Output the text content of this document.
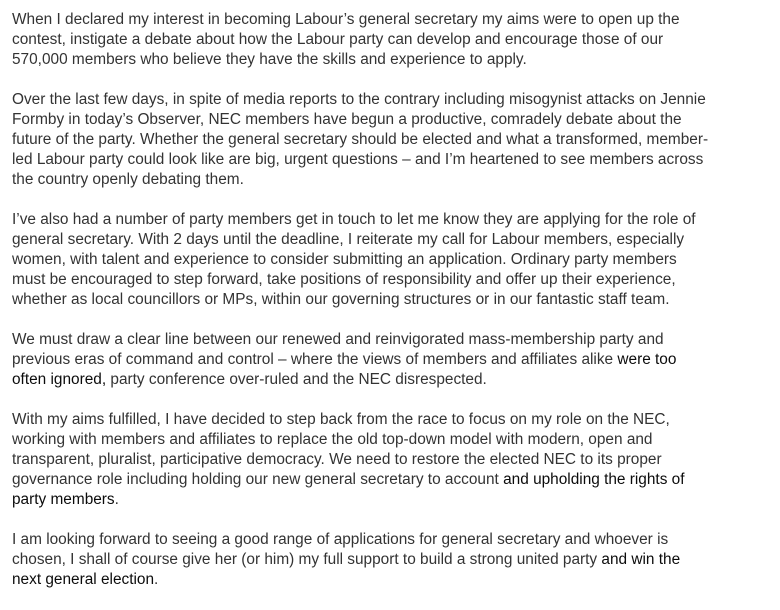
When I declared my interest in becoming Labour’s general secretary my aims were to open up the
contest, instigate a debate about how the Labour party can develop and encourage those of our
570,000 members who believe they have the skills and experience to apply.

Over the last few days, in spite of media reports to the contrary including misogynist attacks on Jennie
Formby in today’s Observer, NEC members have begun a productive, comradely debate about the
future of the party. Whether the general secretary should be elected and what a transformed, member-
led Labour party could look like are big, urgent questions – and I’m heartened to see members across
the country openly debating them.

I’ve also had a number of party members get in touch to let me know they are applying for the role of
general secretary. With 2 days until the deadline, I reiterate my call for Labour members, especially
women, with talent and experience to consider submitting an application. Ordinary party members
must be encouraged to step forward, take positions of responsibility and offer up their experience,
whether as local councillors or MPs, within our governing structures or in our fantastic staff team.

We must draw a clear line between our renewed and reinvigorated mass-membership party and
previous eras of command and control – where the views of members and affiliates alike were too
often ignored, party conference over-ruled and the NEC disrespected.

With my aims fulfilled, I have decided to step back from the race to focus on my role on the NEC,
working with members and affiliates to replace the old top-down model with modern, open and
transparent, pluralist, participative democracy. We need to restore the elected NEC to its proper
governance role including holding our new general secretary to account and upholding the rights of
party members.

I am looking forward to seeing a good range of applications for general secretary and whoever is
chosen, I shall of course give her (or him) my full support to build a strong united party and win the
next general election.
